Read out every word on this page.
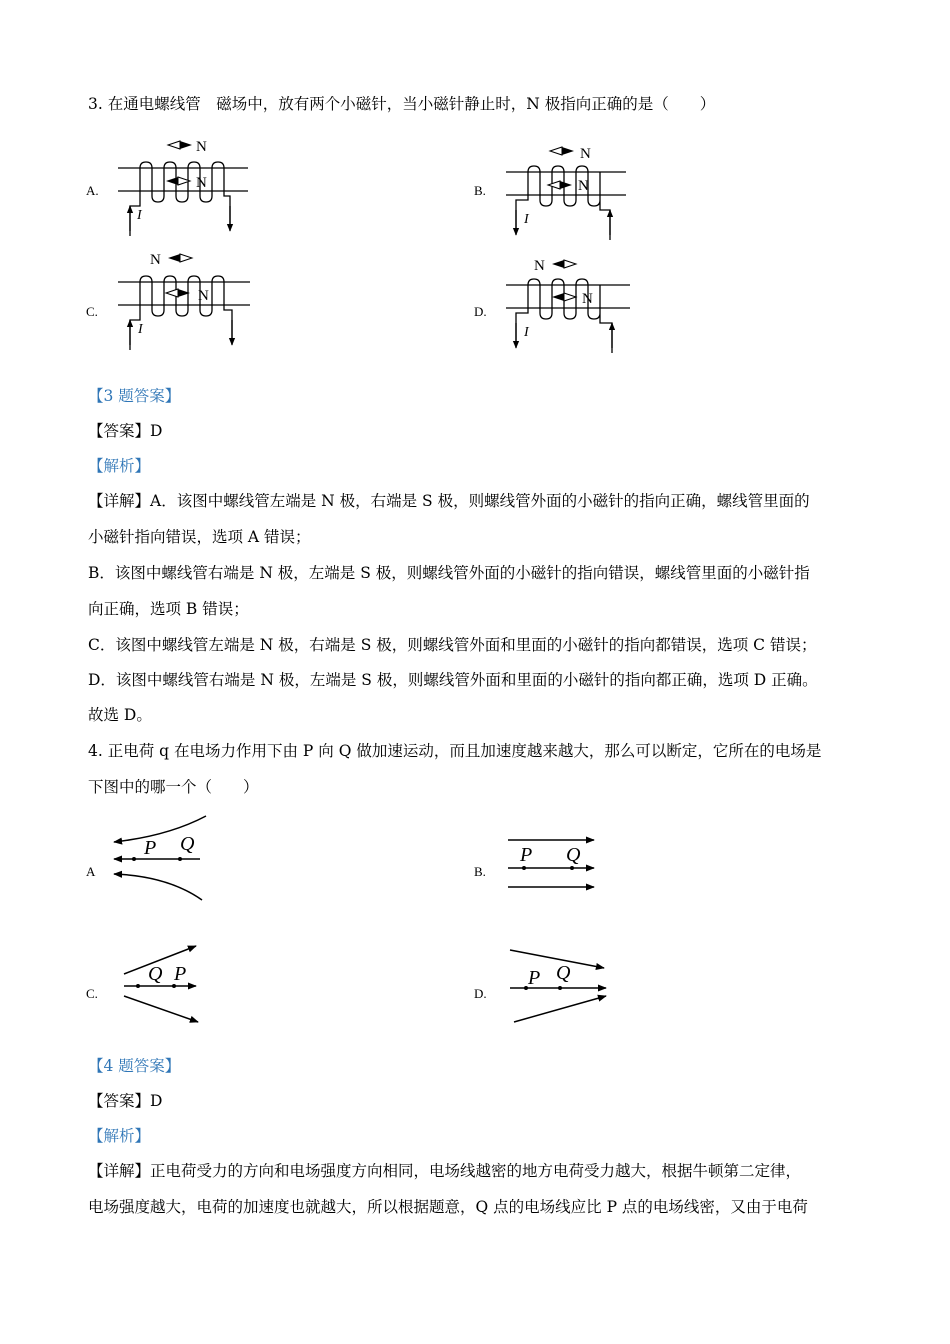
3. 在通电螺线管　磁场中，放有两个小磁针，当小磁针静止时，N 极指向正确的是（　　）
A.	B.
C.	D.
I
N
N
I
N
N
I
N
N
I
N
N
【3 题答案】
【答案】D
【解析】
【详解】A．该图中螺线管左端是 N 极，右端是 S 极，则螺线管外面的小磁针的指向正确，螺线管里面的
小磁针指向错误，选项 A 错误；
B．该图中螺线管右端是 N 极，左端是 S 极，则螺线管外面的小磁针的指向错误，螺线管里面的小磁针指
向正确，选项 B 错误；
C．该图中螺线管左端是 N 极，右端是 S 极，则螺线管外面和里面的小磁针的指向都错误，选项 C 错误；
D．该图中螺线管右端是 N 极，左端是 S 极，则螺线管外面和里面的小磁针的指向都正确，选项 D 正确。
故选 D。
4. 正电荷 q 在电场力作用下由 P 向 Q 做加速运动，而且加速度越来越大，那么可以断定，它所在的电场是
下图中的哪一个（　　）
A	B.
C.	D.
P Q	P Q
Q P	P Q
【4 题答案】
【答案】D
【解析】
【详解】正电荷受力的方向和电场强度方向相同，电场线越密的地方电荷受力越大，根据牛顿第二定律，
电场强度越大，电荷的加速度也就越大，所以根据题意，Q 点的电场线应比 P 点的电场线密，又由于电荷
